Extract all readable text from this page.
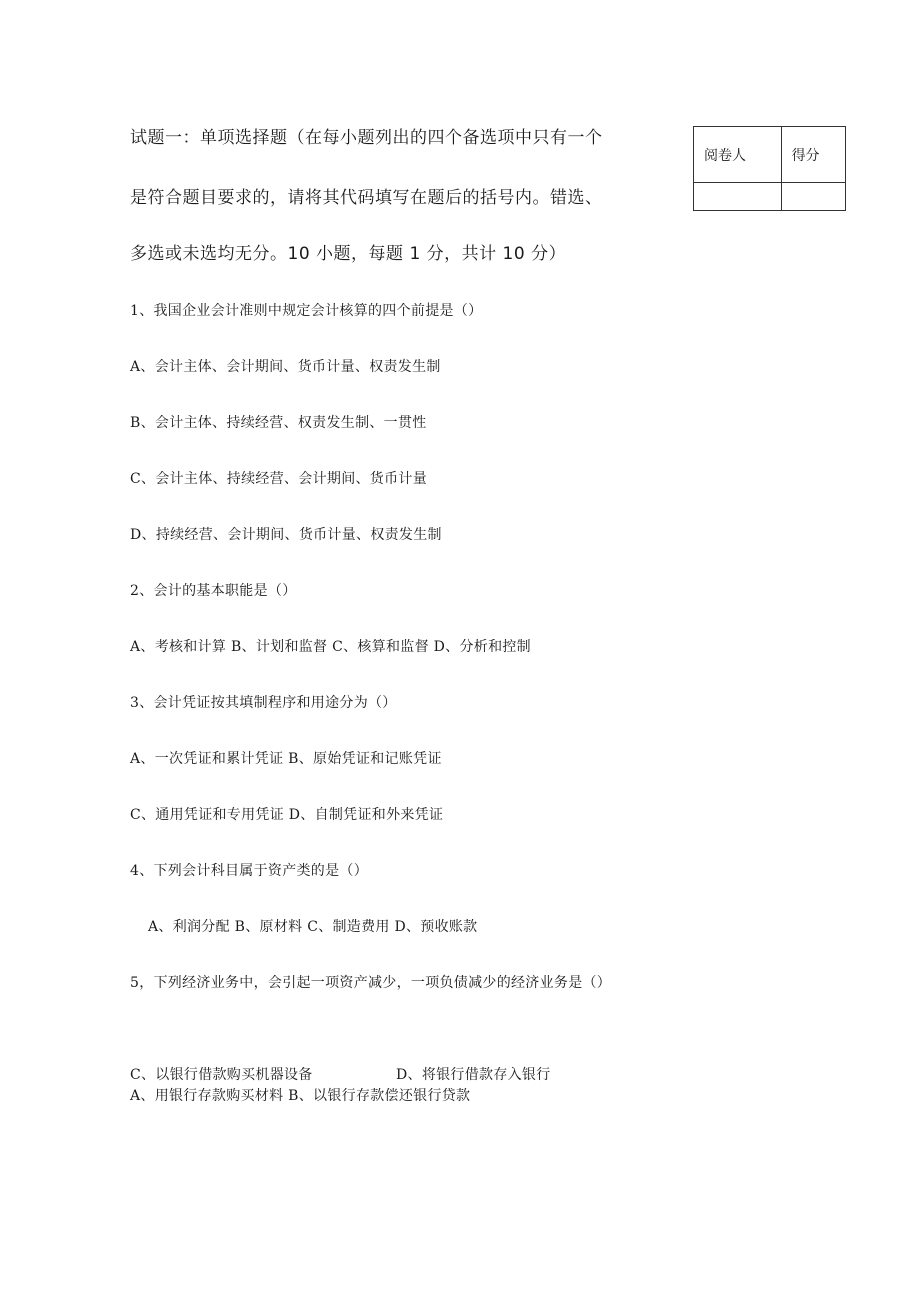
试题一：单项选择题（在每小题列出的四个备选项中只有一个
是符合题目要求的，请将其代码填写在题后的括号内。错选、
多选或未选均无分。10 小题，每题 1 分，共计 10 分）
阅卷人	得分

1、我国企业会计准则中规定会计核算的四个前提是（）
A、会计主体、会计期间、货币计量、权责发生制
B、会计主体、持续经营、权责发生制、一贯性
C、会计主体、持续经营、会计期间、货币计量
D、持续经营、会计期间、货币计量、权责发生制
2、会计的基本职能是（）
A、考核和计算 B、计划和监督 C、核算和监督 D、分析和控制
3、会计凭证按其填制程序和用途分为（）
A、一次凭证和累计凭证 B、原始凭证和记账凭证
C、通用凭证和专用凭证 D、自制凭证和外来凭证
4、下列会计科目属于资产类的是（）
A、利润分配 B、原材料 C、制造费用 D、预收账款
5，下列经济业务中，会引起一项资产减少，一项负债减少的经济业务是（）
C、以银行借款购买机器设备	D、将银行借款存入银行
A、用银行存款购买材料 B、以银行存款偿还银行贷款
